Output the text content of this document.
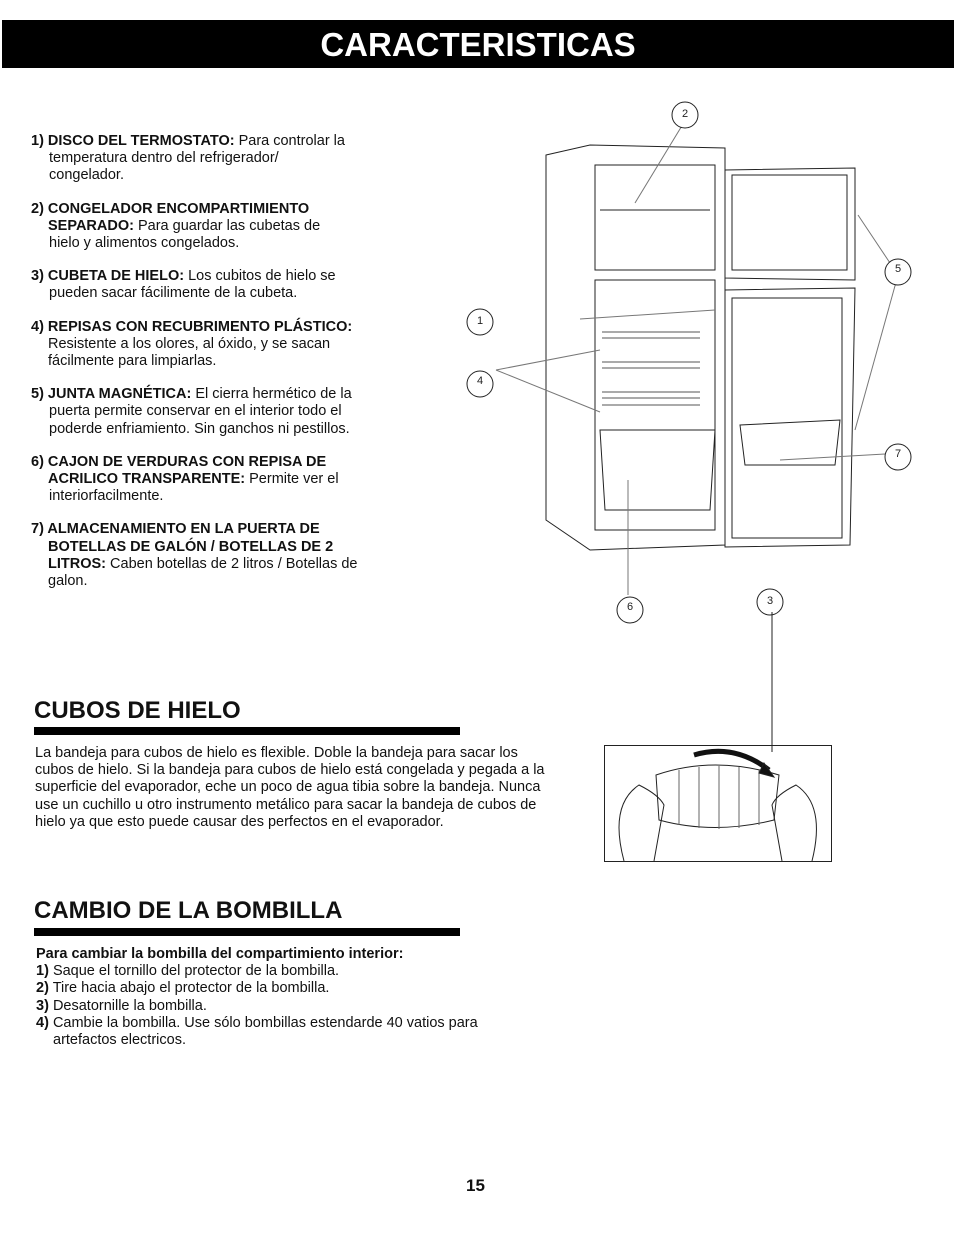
CARACTERISTICAS

1) DISCO DEL TERMOSTATO: Para controlar la
temperatura dentro del refrigerador/
congelador.

2) CONGELADOR ENCOMPARTIMIENTO
SEPARADO: Para guardar las cubetas de
hielo y alimentos congelados.

3) CUBETA DE HIELO: Los cubitos de hielo se
pueden sacar fácilimente de la cubeta.

4) REPISAS CON RECUBRIMENTO PLÁSTICO:
Resistente a los olores, al óxido, y se sacan
fácilmente para limpiarlas.

5) JUNTA MAGNÉTICA: El cierra hermético de la
puerta permite conservar en el interior todo el
poderde enfriamiento. Sin ganchos ni pestillos.

6) CAJON DE VERDURAS CON REPISA DE
ACRILICO TRANSPARENTE: Permite ver el
interiorfacilmente.

7) ALMACENAMIENTO EN LA PUERTA DE
BOTELLAS DE GALÓN / BOTELLAS DE 2
LITROS: Caben botellas de 2 litros / Botellas de
galon.

1
2
3
4
5
6
7
CUBOS DE HIELO
La bandeja para cubos de hielo es flexible. Doble la bandeja para sacar los cubos de hielo. Si la bandeja para cubos de hielo está congelada y pegada a la superficie del evaporador, eche un poco de agua tibia sobre la bandeja. Nunca use un cuchillo u otro instrumento metálico para sacar la bandeja de cubos de hielo ya que esto puede causar des perfectos en el evaporador.
CAMBIO DE LA BOMBILLA
Para cambiar la bombilla del compartimiento interior:
1) Saque el tornillo del protector de la bombilla.
2) Tire hacia abajo el protector de la bombilla.
3) Desatornille la bombilla.
4) Cambie la bombilla. Use sólo bombillas estendarde 40 vatios para
artefactos electricos.
15
